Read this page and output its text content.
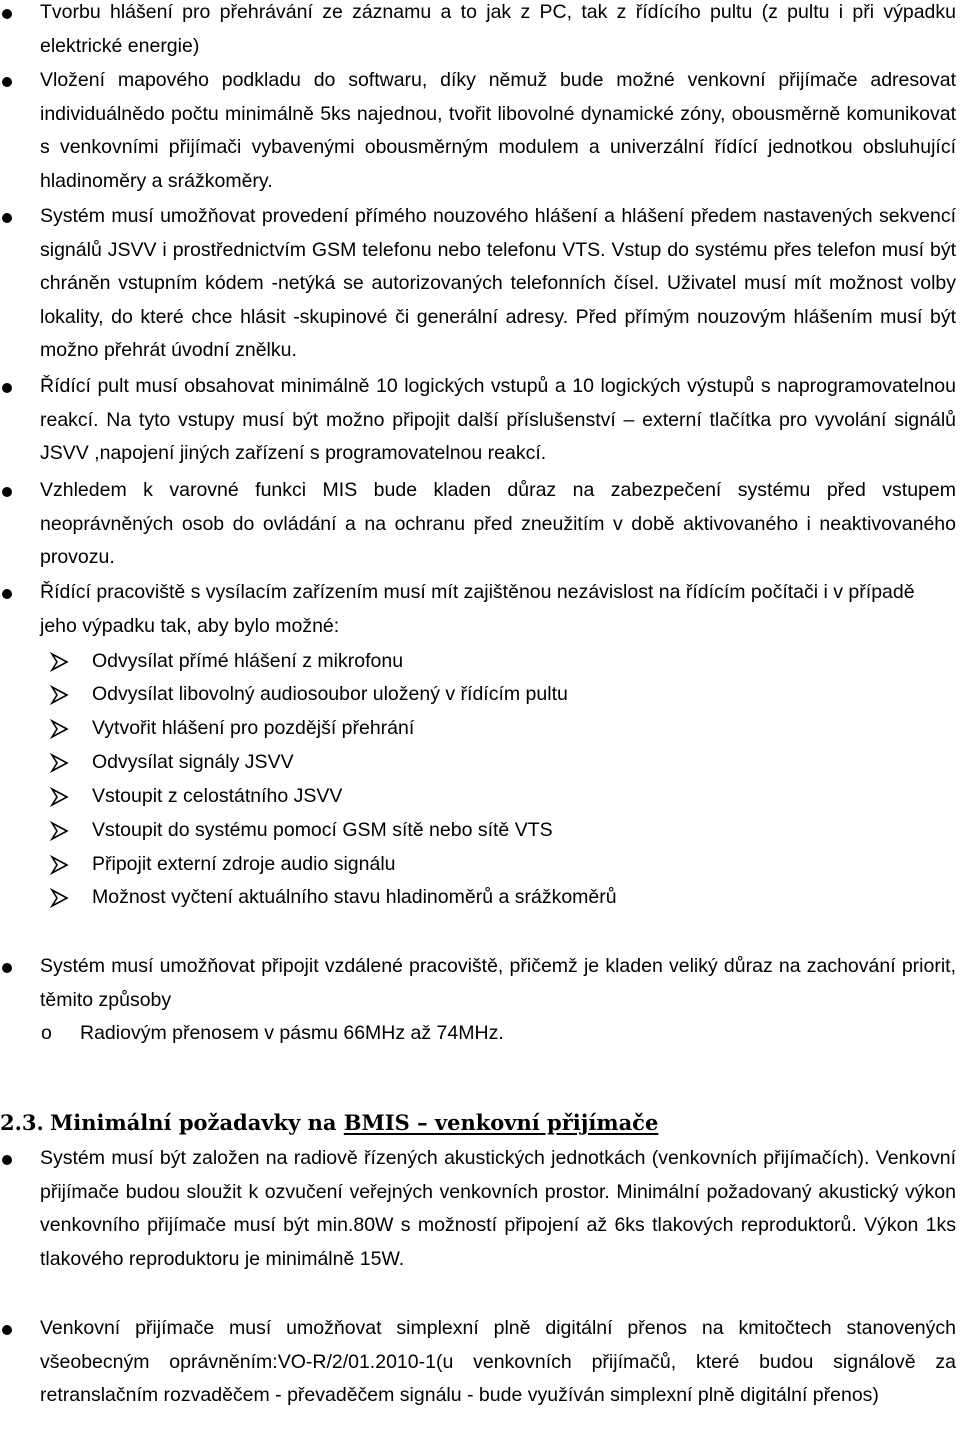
Tvorbu hlášení pro přehrávání ze záznamu a to jak z PC, tak z řídícího pultu (z pultu i při výpadku elektrické energie)
Vložení mapového podkladu do softwaru, díky němuž bude možné venkovní přijímače adresovat individuálnědo počtu minimálně 5ks najednou, tvořit libovolné dynamické zóny, obousměrně komunikovat s venkovními přijímači vybavenými obousměrným modulem a univerzální řídící jednotkou obsluhující hladinoměry a srážkoměry.
Systém musí umožňovat provedení přímého nouzového hlášení a hlášení předem nastavených sekvencí signálů JSVV i prostřednictvím GSM telefonu nebo telefonu VTS. Vstup do systému přes telefon musí být chráněn vstupním kódem -netýká se autorizovaných telefonních čísel. Uživatel musí mít možnost volby lokality, do které chce hlásit -skupinové či generální adresy. Před přímým nouzovým hlášením musí být možno přehrát úvodní znělku.
Řídící pult musí obsahovat minimálně 10 logických vstupů a 10 logických výstupů s naprogramovatelnou reakcí. Na tyto vstupy musí být možno připojit další příslušenství – externí tlačítka pro vyvolání signálů JSVV ,napojení jiných zařízení s programovatelnou reakcí.
Vzhledem k varovné funkci MIS bude kladen důraz na zabezpečení systému před vstupem neoprávněných osob do ovládání a na ochranu před zneužitím v době aktivovaného i neaktivovaného provozu.
Řídící pracoviště s vysílacím zařízením musí mít zajištěnou nezávislost na řídícím počítači i v případě jeho výpadku tak, aby bylo možné:
Odvysílat přímé hlášení z mikrofonu
Odvysílat libovolný audiosoubor uložený v řídícím pultu
Vytvořit hlášení pro pozdější přehrání
Odvysílat signály JSVV
Vstoupit z celostátního JSVV
Vstoupit do systému pomocí GSM sítě nebo sítě VTS
Připojit externí zdroje audio signálu
Možnost vyčtení aktuálního stavu hladinoměrů a srážkoměrů
Systém musí umožňovat připojit vzdálené pracoviště, přičemž je kladen veliký důraz na zachování priorit, těmito způsoby
o Radiovým přenosem v pásmu 66MHz až 74MHz.
2.3. Minimální požadavky na BMIS – venkovní přijímače
Systém musí být založen na radiově řízených akustických jednotkách (venkovních přijímačích). Venkovní přijímače budou sloužit k ozvučení veřejných venkovních prostor. Minimální požadovaný akustický výkon venkovního přijímače musí být min.80W s možností připojení až 6ks tlakových reproduktorů. Výkon 1ks tlakového reproduktoru je minimálně 15W.
Venkovní přijímače musí umožňovat simplexní plně digitální přenos na kmitočtech stanovených všeobecným oprávněním:VO-R/2/01.2010-1(u venkovních přijímačů, které budou signálově za retranslačním rozvaděčem - převaděčem signálu - bude využíván simplexní plně digitální přenos)
